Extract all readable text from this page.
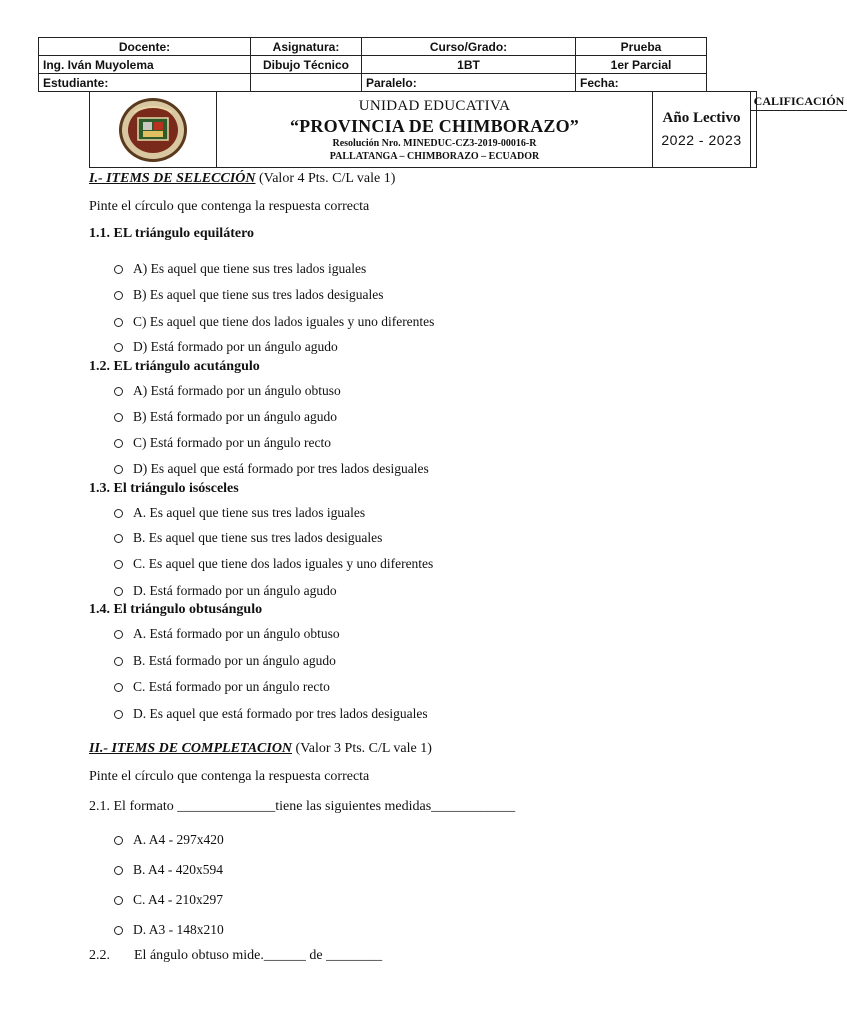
Docente:	Asignatura:	Curso/Grado:	Prueba
Ing. Iván Muyolema	Dibujo Técnico	1BT	1er Parcial
Estudiante:		Paralelo:	Fecha:
UNIDAD EDUCATIVA
“PROVINCIA DE CHIMBORAZO”
Resolución Nro. MINEDUC-CZ3-2019-00016-R
PALLATANGA – CHIMBORAZO – ECUADOR
Año Lectivo
2022 - 2023
CALIFICACIÓN
I.- ITEMS DE SELECCIÓN (Valor 4 Pts. C/L vale 1)
Pinte el círculo que contenga la respuesta correcta
1.1. EL triángulo equilátero
A) Es aquel que tiene sus tres lados iguales
B) Es aquel que tiene sus tres lados desiguales
C) Es aquel que tiene dos lados iguales y uno diferentes
D) Está formado por un ángulo agudo
1.2. EL triángulo acutángulo
A) Está formado por un ángulo obtuso
B) Está formado por un ángulo agudo
C) Está formado por un ángulo recto
D) Es aquel que está formado por tres lados desiguales
1.3. El triángulo isósceles
A. Es aquel que tiene sus tres lados iguales
B. Es aquel que tiene sus tres lados desiguales
C. Es aquel que tiene dos lados iguales y uno diferentes
D. Está formado por un ángulo agudo
1.4. El triángulo obtusángulo
A. Está formado por un ángulo obtuso
B. Está formado por un ángulo agudo
C. Está formado por un ángulo recto
D. Es aquel que está formado por tres lados desiguales
II.- ITEMS DE COMPLETACION (Valor 3 Pts. C/L vale 1)
Pinte el círculo que contenga la respuesta correcta
2.1. El formato ______________tiene las siguientes medidas____________
A. A4 - 297x420
B. A4 - 420x594
C. A4 - 210x297
D. A3 - 148x210
2.2. El ángulo obtuso mide.______ de ________
